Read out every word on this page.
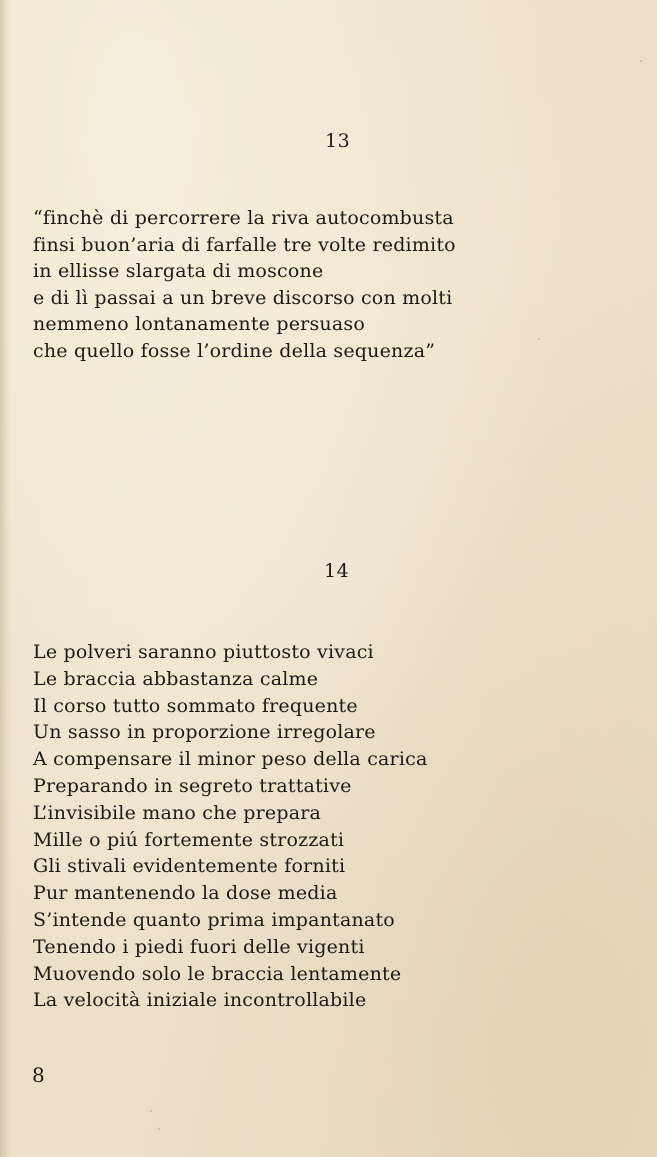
13
“finchè di percorrere la riva autocombusta
finsi buon’aria di farfalle tre volte redimito
in ellisse slargata di moscone
e di lì passai a un breve discorso con molti
nemmeno lontanamente persuaso
che quello fosse l’ordine della sequenza”
14
Le polveri saranno piuttosto vivaci
Le braccia abbastanza calme
Il corso tutto sommato frequente
Un sasso in proporzione irregolare
A compensare il minor peso della carica
Preparando in segreto trattative
L’invisibile mano che prepara
Mille o piú fortemente strozzati
Gli stivali evidentemente forniti
Pur mantenendo la dose media
S’intende quanto prima impantanato
Tenendo i piedi fuori delle vigenti
Muovendo solo le braccia lentamente
La velocità iniziale incontrollabile
8
